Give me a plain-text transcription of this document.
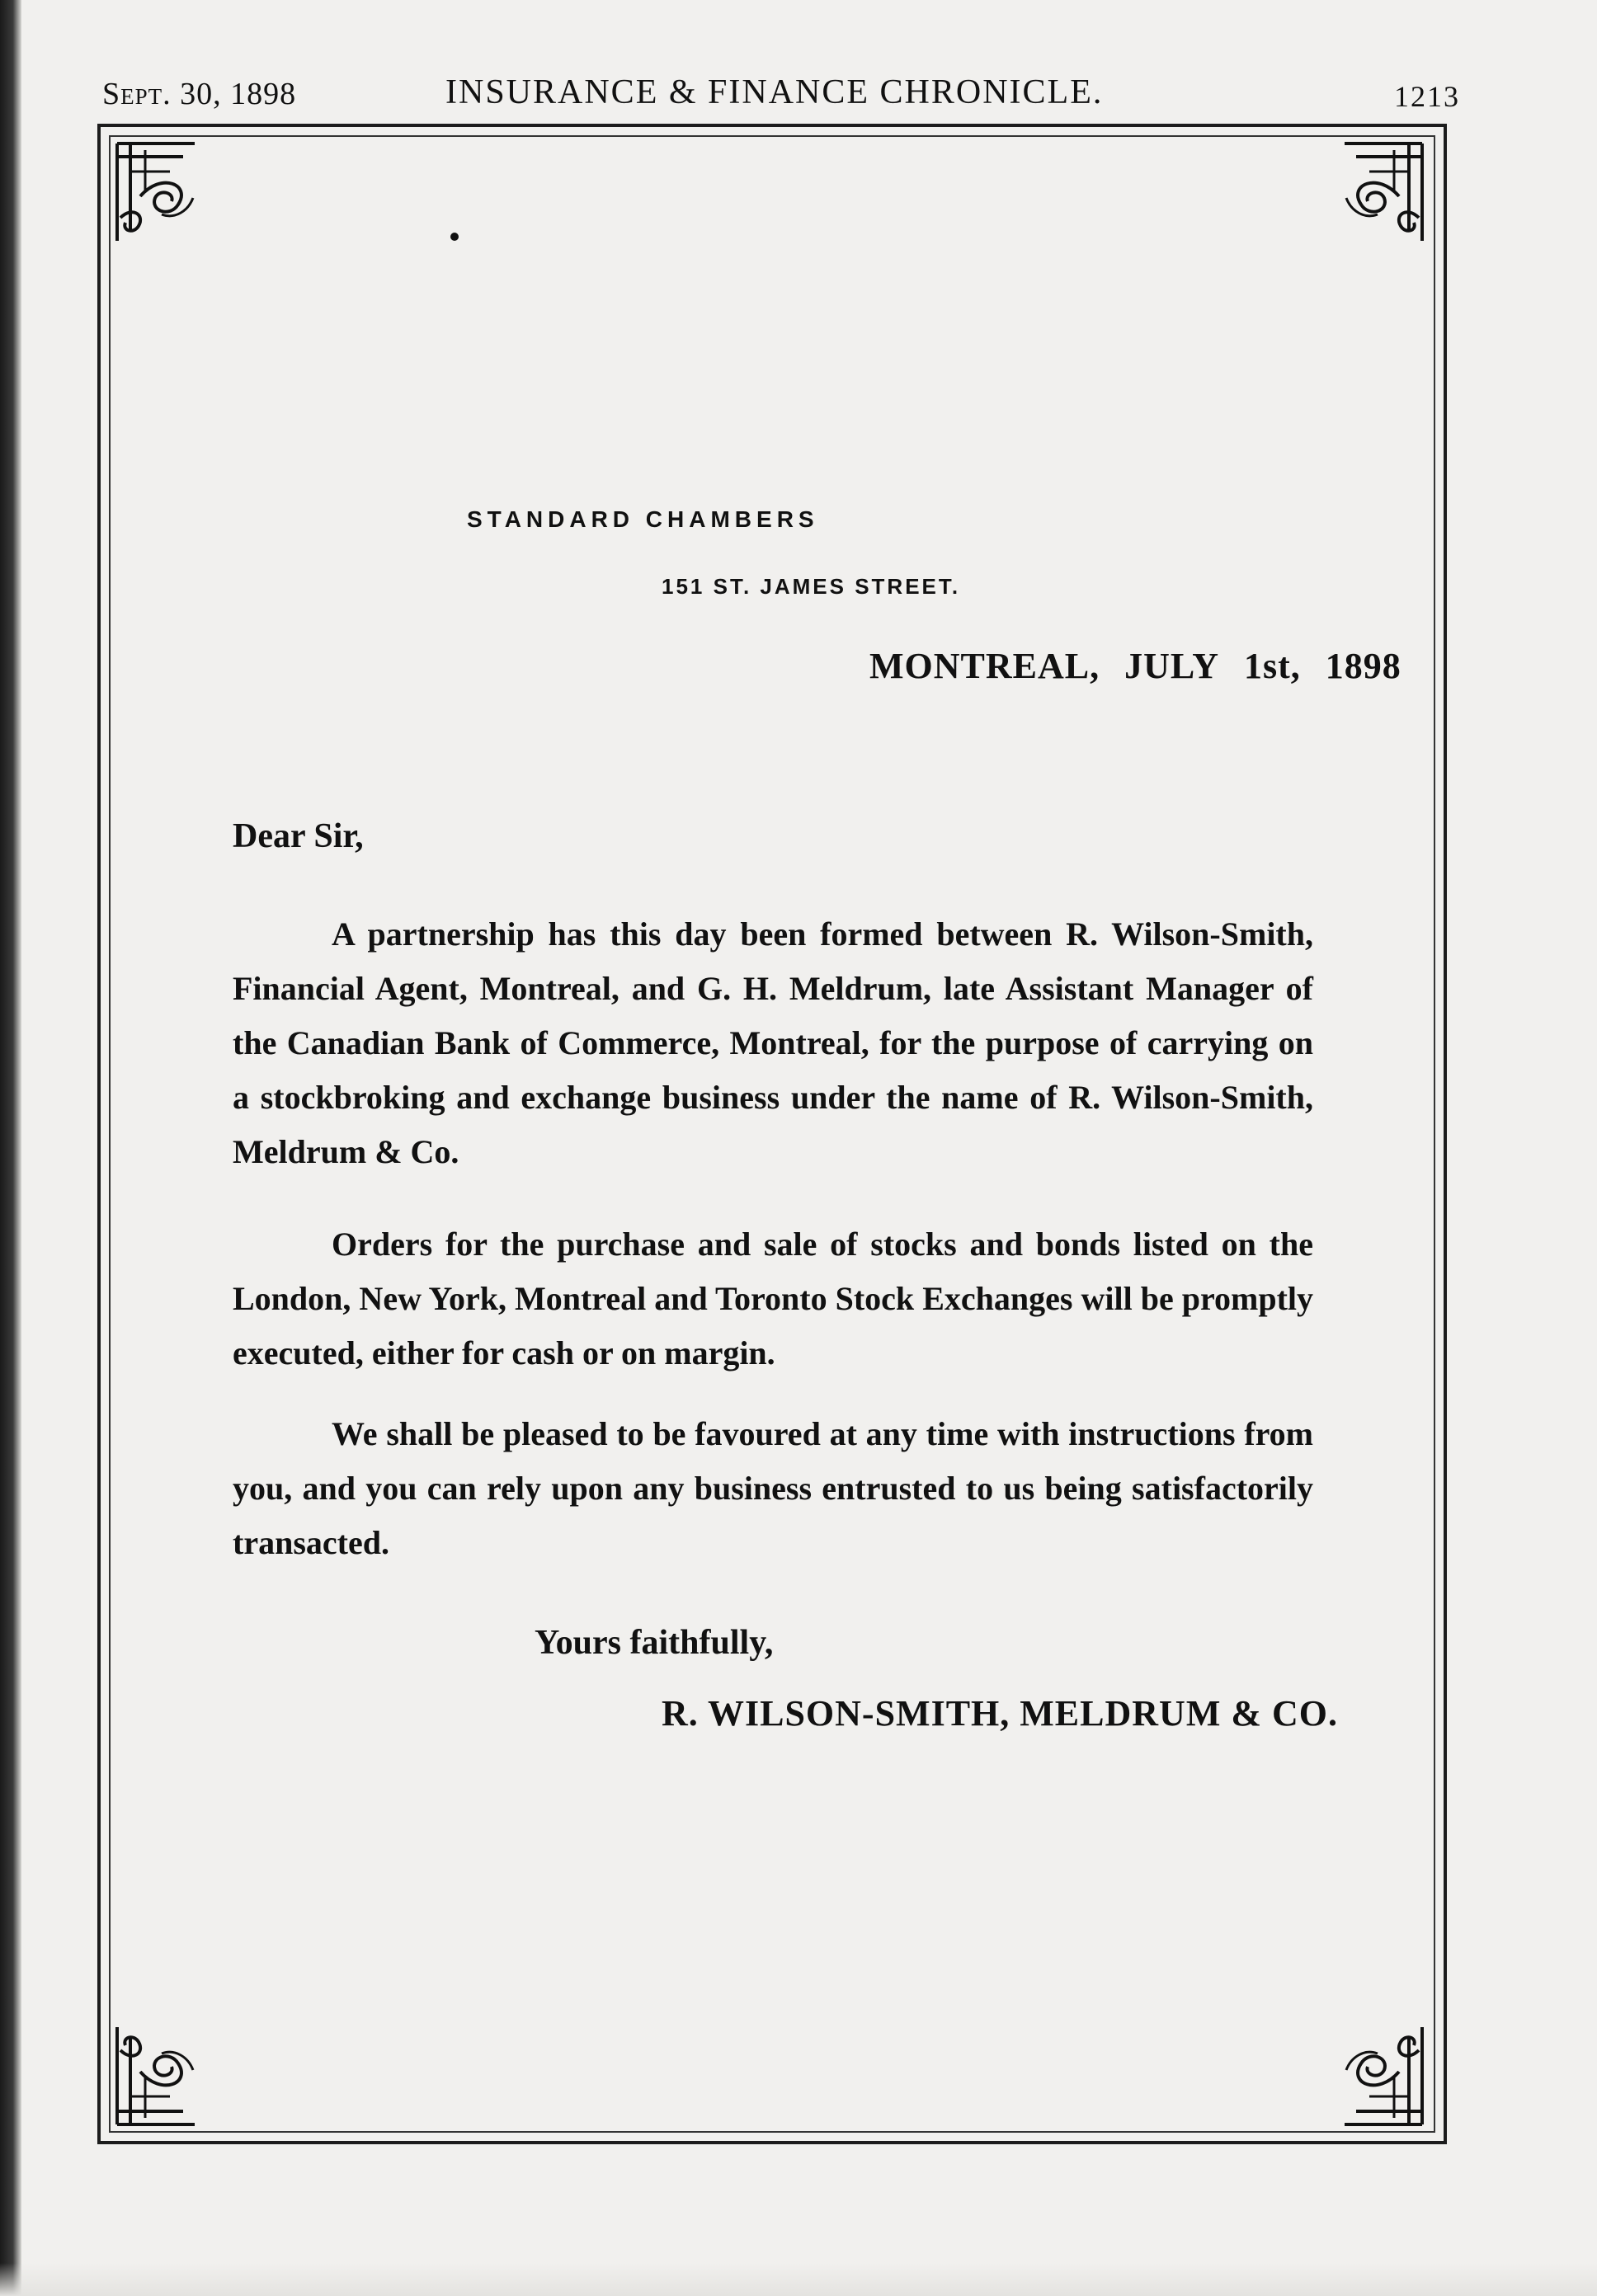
Sept. 30, 1898	INSURANCE & FINANCE CHRONICLE.	1213
STANDARD CHAMBERS
151 ST. JAMES STREET.
MONTREAL, JULY 1st, 1898
Dear Sir,
A partnership has this day been formed between R. Wilson-Smith, Financial Agent, Montreal, and G. H. Meldrum, late Assistant Manager of the Canadian Bank of Commerce, Montreal, for the purpose of carrying on a stockbroking and exchange business under the name of R. Wilson-Smith, Meldrum & Co.
Orders for the purchase and sale of stocks and bonds listed on the London, New York, Montreal and Toronto Stock Exchanges will be promptly executed, either for cash or on margin.
We shall be pleased to be favoured at any time with instructions from you, and you can rely upon any business entrusted to us being satisfactorily transacted.
Yours faithfully,
R. WILSON-SMITH, MELDRUM & CO.
